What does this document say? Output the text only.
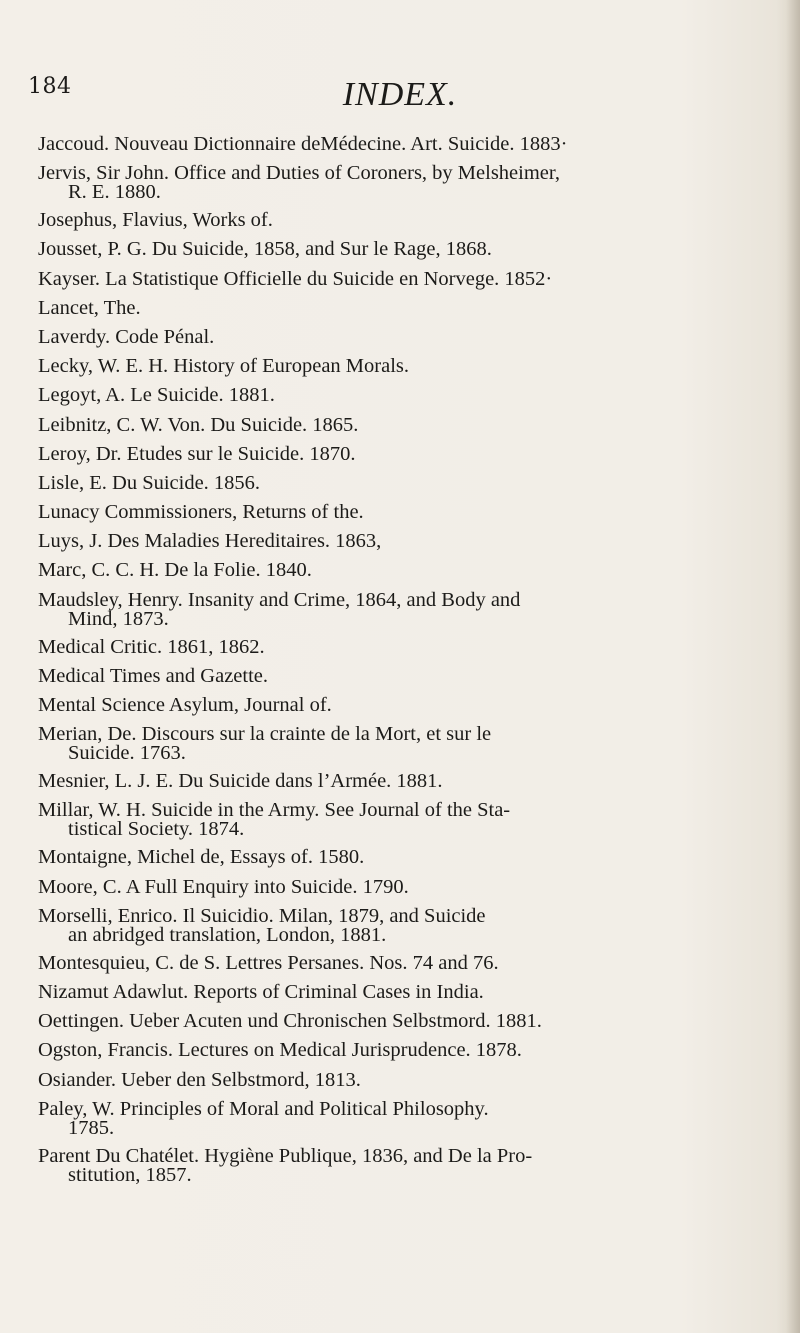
184	INDEX.
Jaccoud. Nouveau Dictionnaire deMédecine. Art. Suicide. 1883·
Jervis, Sir John. Office and Duties of Coroners, by Melsheimer,
R. E. 1880.
Josephus, Flavius, Works of.
Jousset, P. G. Du Suicide, 1858, and Sur le Rage, 1868.
Kayser. La Statistique Officielle du Suicide en Norvege. 1852·
Lancet, The.
Laverdy. Code Pénal.
Lecky, W. E. H. History of European Morals.
Legoyt, A. Le Suicide. 1881.
Leibnitz, C. W. Von. Du Suicide. 1865.
Leroy, Dr. Etudes sur le Suicide. 1870.
Lisle, E. Du Suicide. 1856.
Lunacy Commissioners, Returns of the.
Luys, J. Des Maladies Hereditaires. 1863,
Marc, C. C. H. De la Folie. 1840.
Maudsley, Henry. Insanity and Crime, 1864, and Body and
Mind, 1873.
Medical Critic. 1861, 1862.
Medical Times and Gazette.
Mental Science Asylum, Journal of.
Merian, De. Discours sur la crainte de la Mort, et sur le
Suicide. 1763.
Mesnier, L. J. E. Du Suicide dans l’Armée. 1881.
Millar, W. H. Suicide in the Army. See Journal of the Sta-
tistical Society. 1874.
Montaigne, Michel de, Essays of. 1580.
Moore, C. A Full Enquiry into Suicide. 1790.
Morselli, Enrico. Il Suicidio. Milan, 1879, and Suicide
an abridged translation, London, 1881.
Montesquieu, C. de S. Lettres Persanes. Nos. 74 and 76.
Nizamut Adawlut. Reports of Criminal Cases in India.
Oettingen. Ueber Acuten und Chronischen Selbstmord. 1881.
Ogston, Francis. Lectures on Medical Jurisprudence. 1878.
Osiander. Ueber den Selbstmord, 1813.
Paley, W. Principles of Moral and Political Philosophy.
1785.
Parent Du Chatélet. Hygiène Publique, 1836, and De la Pro-
stitution, 1857.
